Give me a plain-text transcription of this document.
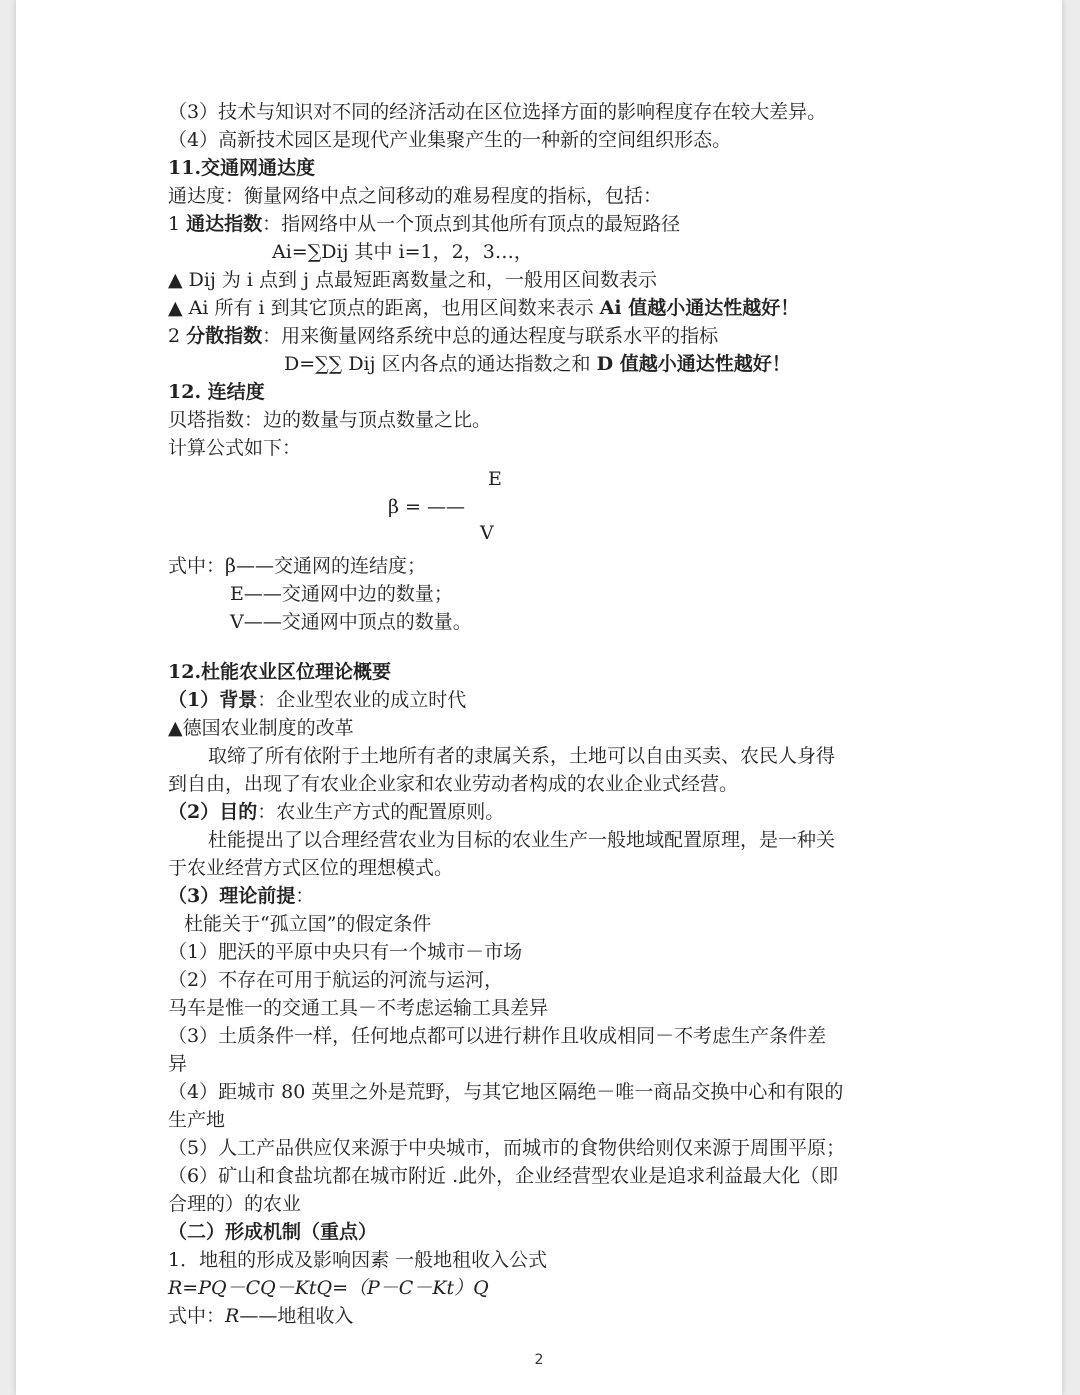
（3）技术与知识对不同的经济活动在区位选择方面的影响程度存在较大差异。
（4）高新技术园区是现代产业集聚产生的一种新的空间组织形态。
11.交通网通达度
通达度：衡量网络中点之间移动的难易程度的指标，包括：
1 通达指数：指网络中从一个顶点到其他所有顶点的最短路径
Ai=∑Dij 其中 i=1，2，3…，
▲ Dij 为 i 点到 j 点最短距离数量之和，一般用区间数表示
▲ Ai 所有 i 到其它顶点的距离，也用区间数来表示 Ai 值越小通达性越好！
2 分散指数：用来衡量网络系统中总的通达程度与联系水平的指标
D=∑∑ Dij 区内各点的通达指数之和 D 值越小通达性越好！
12. 连结度
贝塔指数：边的数量与顶点数量之比。
计算公式如下：
E
β = ——
V
式中：β——交通网的连结度；
E——交通网中边的数量；
V——交通网中顶点的数量。
12.杜能农业区位理论概要
（1）背景：企业型农业的成立时代
▲德国农业制度的改革
取缔了所有依附于土地所有者的隶属关系，土地可以自由买卖、农民人身得
到自由，出现了有农业企业家和农业劳动者构成的农业企业式经营。
（2）目的：农业生产方式的配置原则。
杜能提出了以合理经营农业为目标的农业生产一般地域配置原理，是一种关
于农业经营方式区位的理想模式。
（3）理论前提：
杜能关于“孤立国”的假定条件
（1）肥沃的平原中央只有一个城市－市场
（2）不存在可用于航运的河流与运河，
马车是惟一的交通工具－不考虑运输工具差异
（3）土质条件一样，任何地点都可以进行耕作且收成相同－不考虑生产条件差
异
（4）距城市 80 英里之外是荒野，与其它地区隔绝－唯一商品交换中心和有限的
生产地
（5）人工产品供应仅来源于中央城市，而城市的食物供给则仅来源于周围平原；
（6）矿山和食盐坑都在城市附近 .此外，企业经营型农业是追求利益最大化（即
合理的）的农业
（二）形成机制（重点）
1．地租的形成及影响因素 一般地租收入公式
R=PQ－CQ－KtQ=（P－C－Kt）Q
式中：R——地租收入
2
